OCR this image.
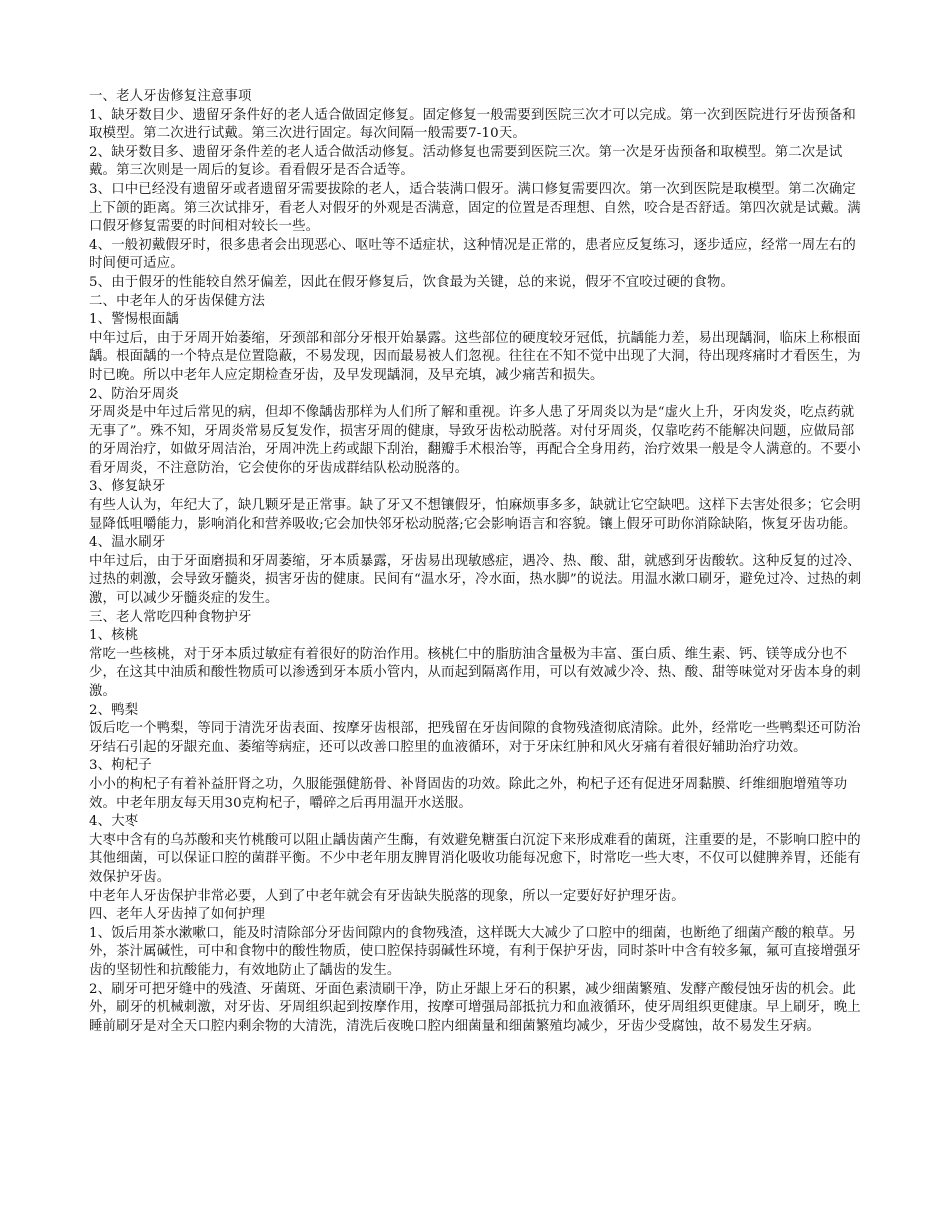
一、老人牙齿修复注意事项

1、缺牙数目少、遗留牙条件好的老人适合做固定修复。固定修复一般需要到医院三次才可以完成。第一次到医院进行牙齿预备和取模型。第二次进行试戴。第三次进行固定。每次间隔一般需要7-10天。

2、缺牙数目多、遗留牙条件差的老人适合做活动修复。活动修复也需要到医院三次。第一次是牙齿预备和取模型。第二次是试戴。第三次则是一周后的复诊。看看假牙是否合适等。

3、口中已经没有遗留牙或者遗留牙需要拔除的老人，适合装满口假牙。满口修复需要四次。第一次到医院是取模型。第二次确定上下颌的距离。第三次试排牙，看老人对假牙的外观是否满意，固定的位置是否理想、自然，咬合是否舒适。第四次就是试戴。满口假牙修复需要的时间相对较长一些。

4、一般初戴假牙时，很多患者会出现恶心、呕吐等不适症状，这种情况是正常的，患者应反复练习，逐步适应，经常一周左右的时间便可适应。

5、由于假牙的性能较自然牙偏差，因此在假牙修复后，饮食最为关键，总的来说，假牙不宜咬过硬的食物。

二、中老年人的牙齿保健方法

1、警惕根面龋

中年过后，由于牙周开始萎缩，牙颈部和部分牙根开始暴露。这些部位的硬度较牙冠低，抗龋能力差，易出现龋洞，临床上称根面龋。根面龋的一个特点是位置隐蔽，不易发现，因而最易被人们忽视。往往在不知不觉中出现了大洞，待出现疼痛时才看医生，为时已晚。所以中老年人应定期检查牙齿，及早发现龋洞，及早充填，减少痛苦和损失。

2、防治牙周炎

牙周炎是中年过后常见的病，但却不像龋齿那样为人们所了解和重视。许多人患了牙周炎以为是“虚火上升，牙肉发炎，吃点药就无事了”。殊不知，牙周炎常易反复发作，损害牙周的健康，导致牙齿松动脱落。对付牙周炎，仅靠吃药不能解决问题，应做局部的牙周治疗，如做牙周洁治，牙周冲洗上药或龈下刮治，翻瓣手术根治等，再配合全身用药，治疗效果一般是令人满意的。不要小看牙周炎，不注意防治，它会使你的牙齿成群结队松动脱落的。

3、修复缺牙

有些人认为，年纪大了，缺几颗牙是正常事。缺了牙又不想镶假牙，怕麻烦事多多，缺就让它空缺吧。这样下去害处很多；它会明显降低咀嚼能力，影响消化和营养吸收;它会加快邻牙松动脱落;它会影响语言和容貌。镶上假牙可助你消除缺陷，恢复牙齿功能。

4、温水刷牙

中年过后，由于牙面磨损和牙周萎缩，牙本质暴露，牙齿易出现敏感症，遇冷、热、酸、甜，就感到牙齿酸软。这种反复的过冷、过热的刺激，会导致牙髓炎，损害牙齿的健康。民间有“温水牙，冷水面，热水脚”的说法。用温水漱口刷牙，避免过冷、过热的刺激，可以减少牙髓炎症的发生。

三、老人常吃四种食物护牙

1、核桃

常吃一些核桃，对于牙本质过敏症有着很好的防治作用。核桃仁中的脂肪油含量极为丰富、蛋白质、维生素、钙、镁等成分也不少，在这其中油质和酸性物质可以渗透到牙本质小管内，从而起到隔离作用，可以有效减少冷、热、酸、甜等味觉对牙齿本身的刺激。

2、鸭梨

饭后吃一个鸭梨，等同于清洗牙齿表面、按摩牙齿根部，把残留在牙齿间隙的食物残渣彻底清除。此外，经常吃一些鸭梨还可防治牙结石引起的牙龈充血、萎缩等病症，还可以改善口腔里的血液循环，对于牙床红肿和风火牙痛有着很好辅助治疗功效。

3、枸杞子

小小的枸杞子有着补益肝肾之功，久服能强健筋骨、补肾固齿的功效。除此之外，枸杞子还有促进牙周黏膜、纤维细胞增殖等功效。中老年朋友每天用30克枸杞子，嚼碎之后再用温开水送服。

4、大枣

大枣中含有的乌苏酸和夹竹桃酸可以阻止龋齿菌产生酶，有效避免糖蛋白沉淀下来形成难看的菌斑，注重要的是，不影响口腔中的其他细菌，可以保证口腔的菌群平衡。不少中老年朋友脾胃消化吸收功能每况愈下，时常吃一些大枣，不仅可以健脾养胃，还能有效保护牙齿。

中老年人牙齿保护非常必要，人到了中老年就会有牙齿缺失脱落的现象，所以一定要好好护理牙齿。

四、老年人牙齿掉了如何护理

1、饭后用茶水漱嗽口，能及时清除部分牙齿间隙内的食物残渣，这样既大大减少了口腔中的细菌，也断绝了细菌产酸的粮草。另外，茶汁属碱性，可中和食物中的酸性物质，使口腔保持弱碱性环境，有利于保护牙齿，同时茶叶中含有较多氟，氟可直接增强牙齿的坚韧性和抗酸能力，有效地防止了龋齿的发生。

2、刷牙可把牙缝中的残渣、牙菌斑、牙面色素渍刷干净，防止牙龈上牙石的积累，减少细菌繁殖、发酵产酸侵蚀牙齿的机会。此外，刷牙的机械刺激，对牙齿、牙周组织起到按摩作用，按摩可增强局部抵抗力和血液循环，使牙周组织更健康。早上刷牙，晚上睡前刷牙是对全天口腔内剩余物的大清洗，清洗后夜晚口腔内细菌量和细菌繁殖均减少，牙齿少受腐蚀，故不易发生牙病。
